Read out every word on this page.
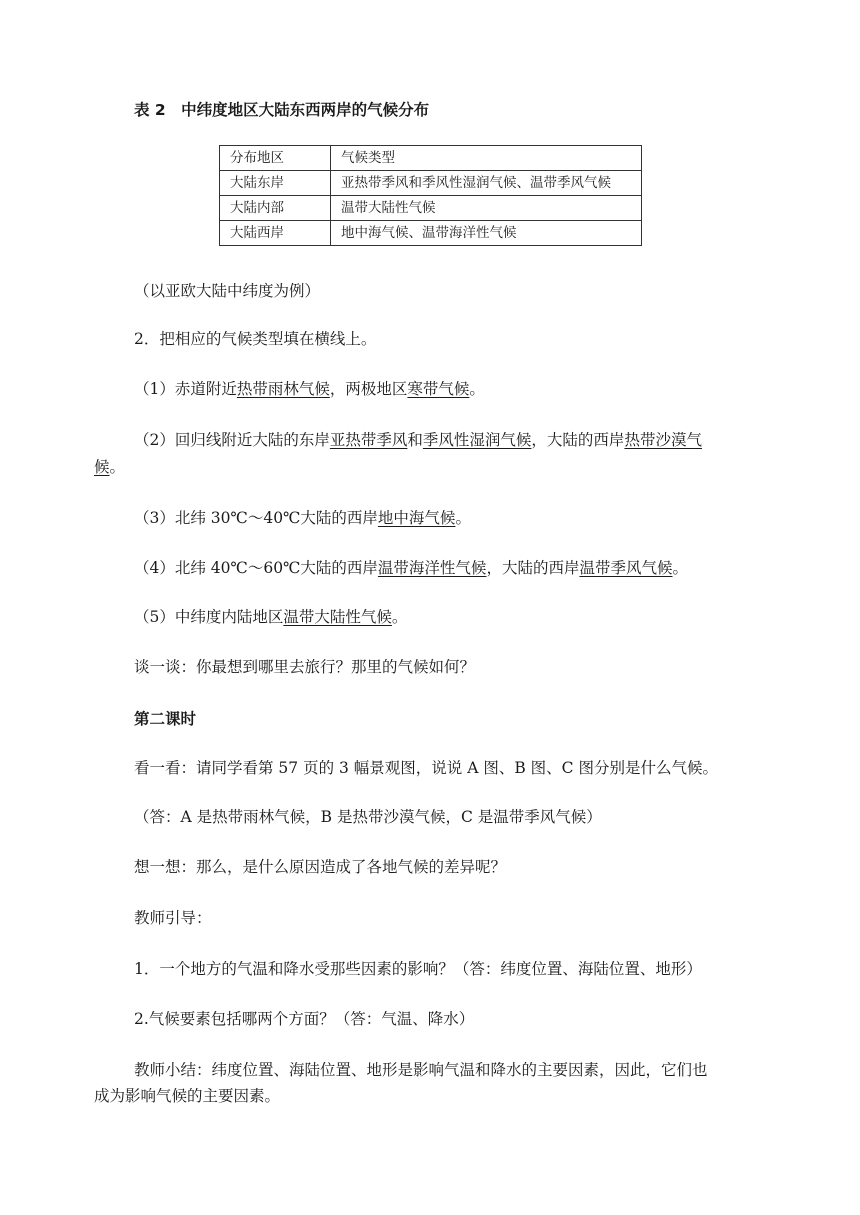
表 2　中纬度地区大陆东西两岸的气候分布
分布地区	气候类型
大陆东岸	亚热带季风和季风性湿润气候、温带季风气候
大陆内部	温带大陆性气候
大陆西岸	地中海气候、温带海洋性气候
（以亚欧大陆中纬度为例）
2．把相应的气候类型填在横线上。
（1）赤道附近热带雨林气候，两极地区寒带气候。
（2）回归线附近大陆的东岸亚热带季风和季风性湿润气候，大陆的西岸热带沙漠气
候。
（3）北纬 30℃～40℃大陆的西岸地中海气候。
（4）北纬 40℃～60℃大陆的西岸温带海洋性气候，大陆的西岸温带季风气候。
（5）中纬度内陆地区温带大陆性气候。
谈一谈：你最想到哪里去旅行？那里的气候如何？
第二课时
看一看：请同学看第 57 页的 3 幅景观图，说说 A 图、B 图、C 图分别是什么气候。
（答：A 是热带雨林气候，B 是热带沙漠气候，C 是温带季风气候）
想一想：那么，是什么原因造成了各地气候的差异呢？
教师引导：
1．一个地方的气温和降水受那些因素的影响？（答：纬度位置、海陆位置、地形）
2.气候要素包括哪两个方面？（答：气温、降水）
教师小结：纬度位置、海陆位置、地形是影响气温和降水的主要因素，因此，它们也
成为影响气候的主要因素。
